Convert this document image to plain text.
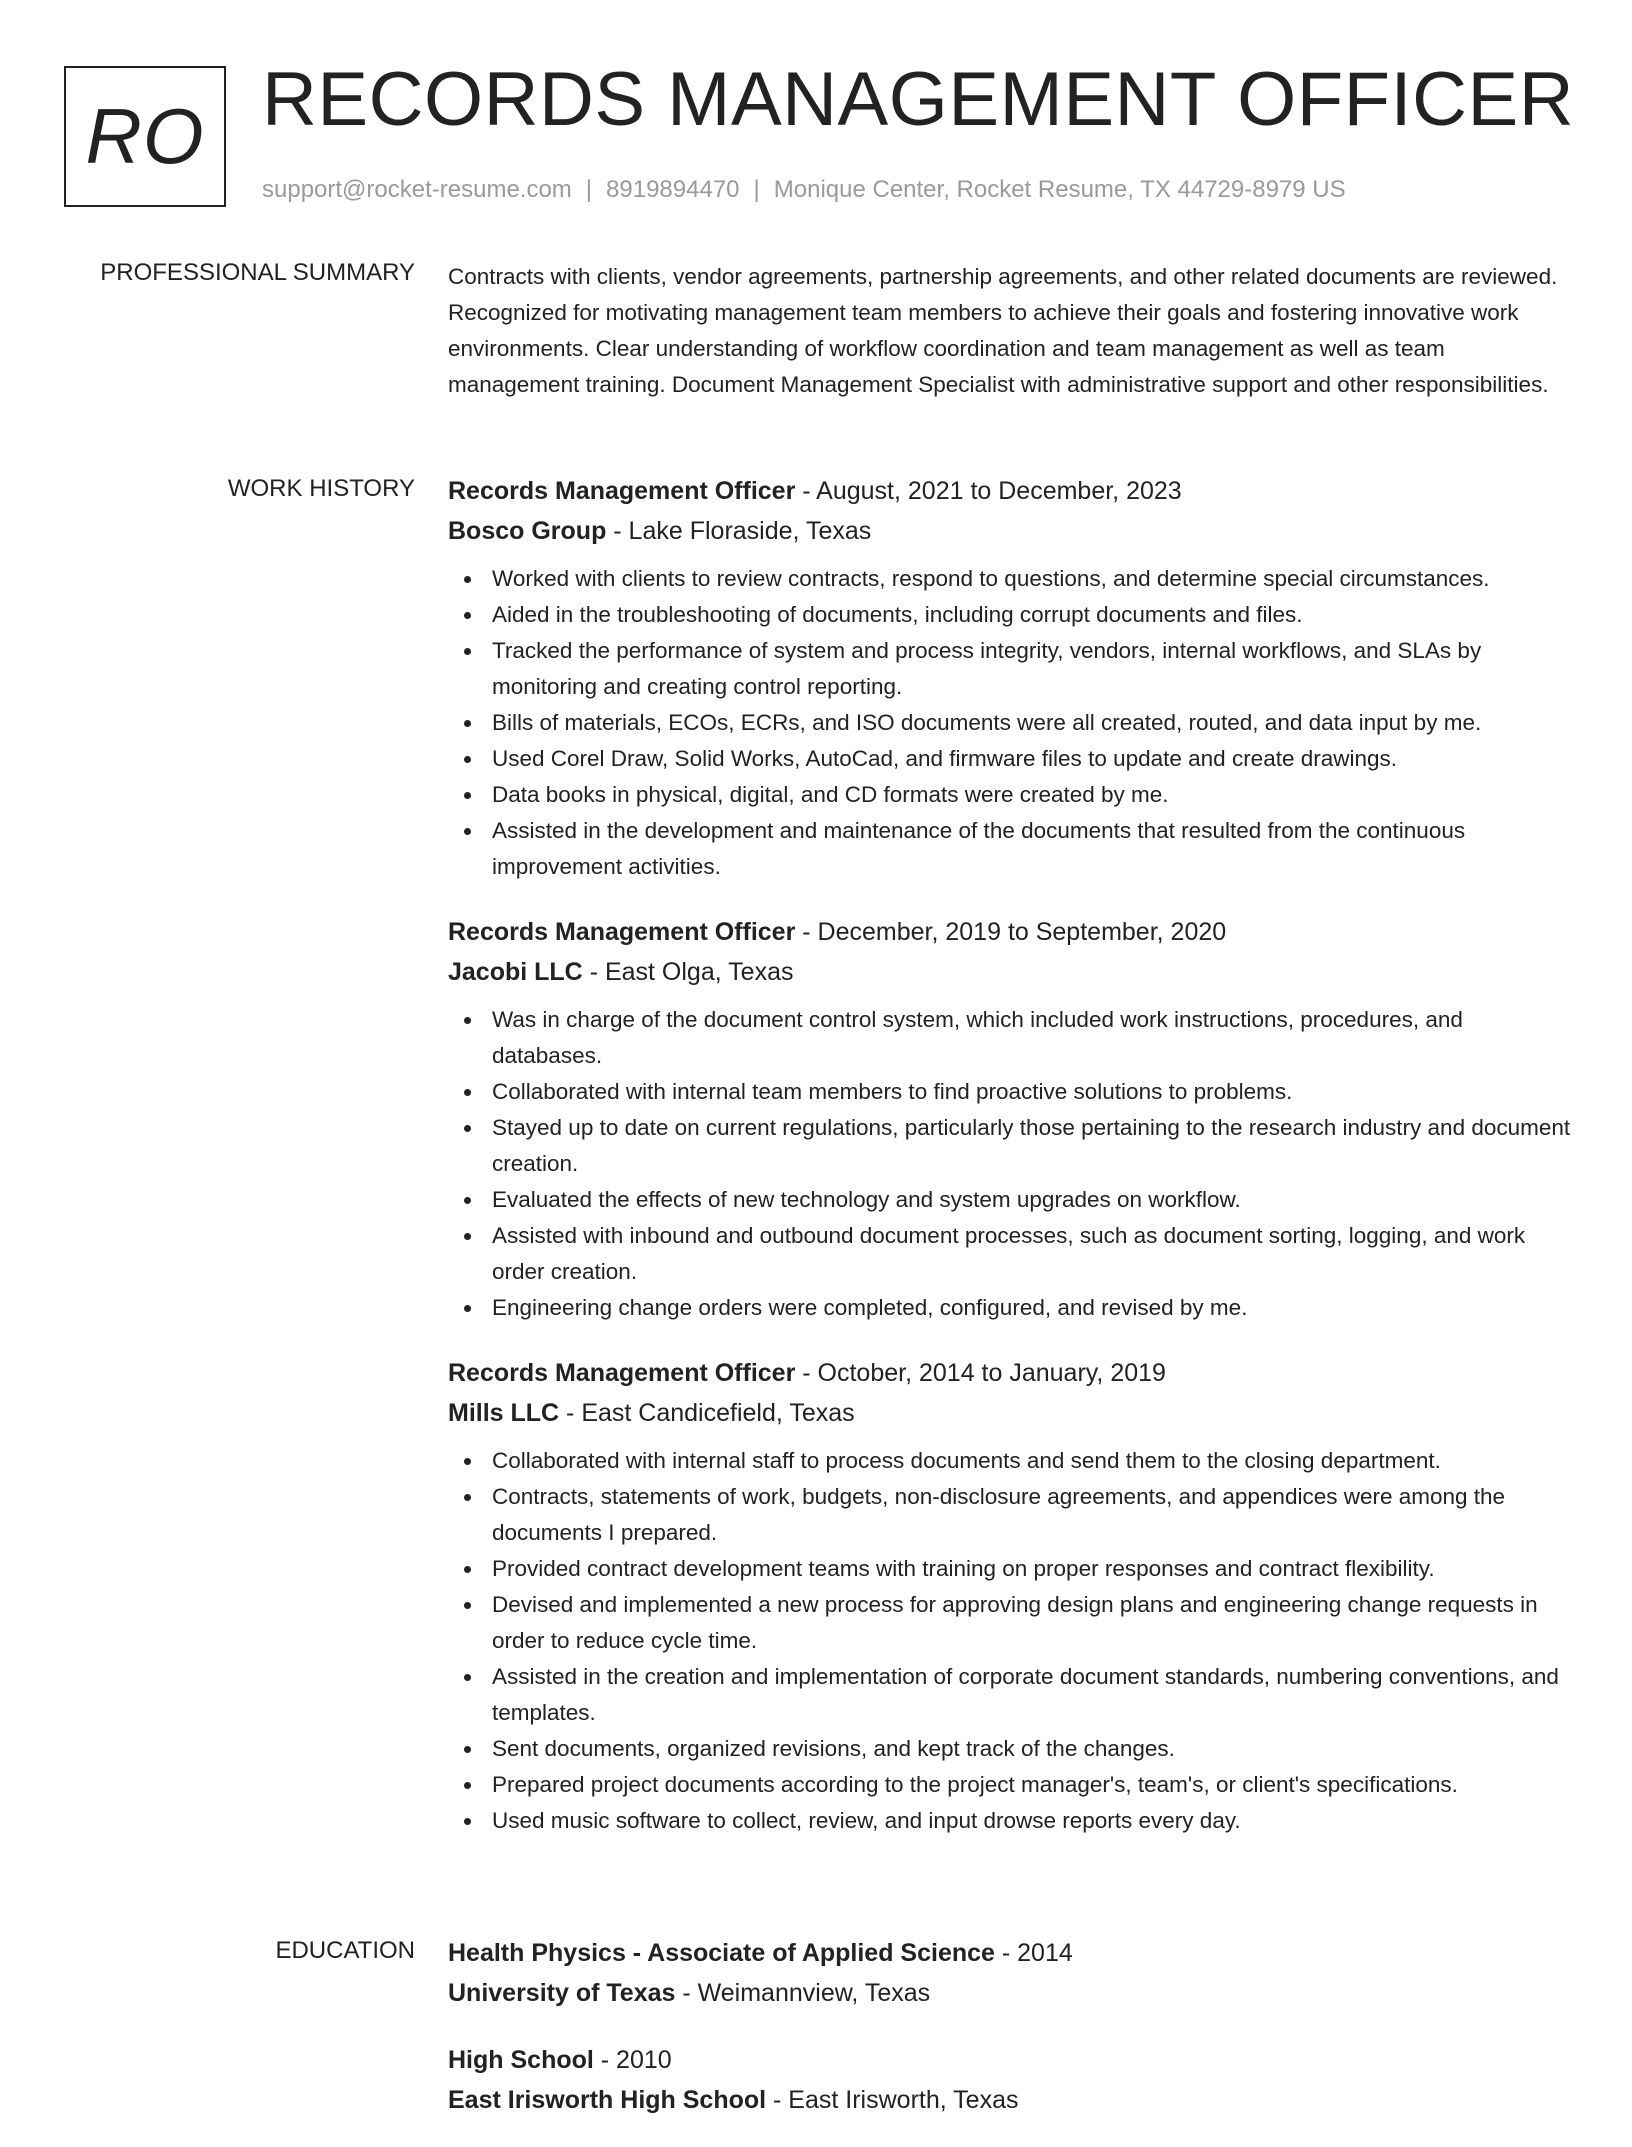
RO RECORDS MANAGEMENT OFFICER
support@rocket-resume.com | 8919894470 | Monique Center, Rocket Resume, TX 44729-8979 US
PROFESSIONAL SUMMARY Contracts with clients, vendor agreements, partnership agreements, and other related documents are reviewed. Recognized for motivating management team members to achieve their goals and fostering innovative work environments. Clear understanding of workflow coordination and team management as well as team management training. Document Management Specialist with administrative support and other responsibilities.

WORK HISTORY Records Management Officer - August, 2021 to December, 2023
Bosco Group - Lake Floraside, Texas
Worked with clients to review contracts, respond to questions, and determine special circumstances.
Aided in the troubleshooting of documents, including corrupt documents and files.
Tracked the performance of system and process integrity, vendors, internal workflows, and SLAs by monitoring and creating control reporting.
Bills of materials, ECOs, ECRs, and ISO documents were all created, routed, and data input by me.
Used Corel Draw, Solid Works, AutoCad, and firmware files to update and create drawings.
Data books in physical, digital, and CD formats were created by me.
Assisted in the development and maintenance of the documents that resulted from the continuous improvement activities.
Records Management Officer - December, 2019 to September, 2020
Jacobi LLC - East Olga, Texas
Was in charge of the document control system, which included work instructions, procedures, and databases.
Collaborated with internal team members to find proactive solutions to problems.
Stayed up to date on current regulations, particularly those pertaining to the research industry and document creation.
Evaluated the effects of new technology and system upgrades on workflow.
Assisted with inbound and outbound document processes, such as document sorting, logging, and work order creation.
Engineering change orders were completed, configured, and revised by me.
Records Management Officer - October, 2014 to January, 2019
Mills LLC - East Candicefield, Texas
Collaborated with internal staff to process documents and send them to the closing department.
Contracts, statements of work, budgets, non-disclosure agreements, and appendices were among the documents I prepared.
Provided contract development teams with training on proper responses and contract flexibility.
Devised and implemented a new process for approving design plans and engineering change requests in order to reduce cycle time.
Assisted in the creation and implementation of corporate document standards, numbering conventions, and templates.
Sent documents, organized revisions, and kept track of the changes.
Prepared project documents according to the project manager's, team's, or client's specifications.
Used music software to collect, review, and input drowse reports every day.
EDUCATION Health Physics - Associate of Applied Science - 2014
University of Texas - Weimannview, Texas
High School - 2010
East Irisworth High School - East Irisworth, Texas
